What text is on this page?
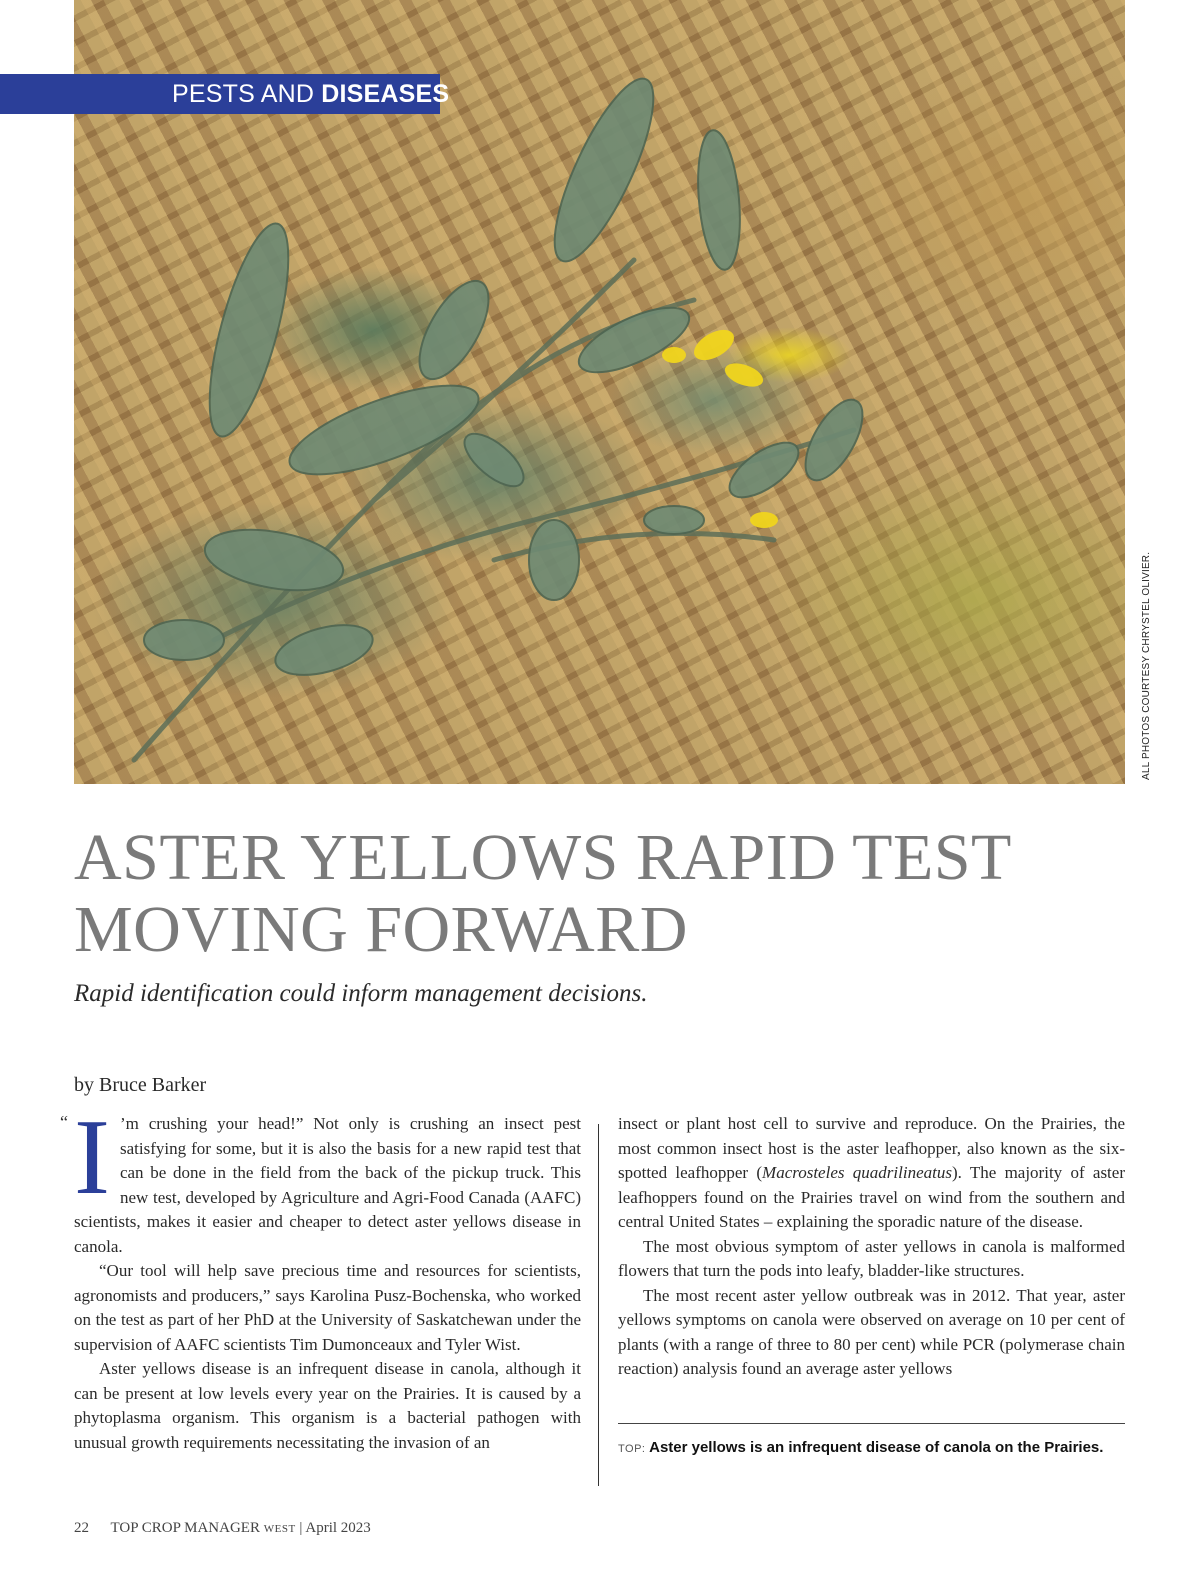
PESTS AND DISEASES
ALL PHOTOS COURTESY CHRYSTEL OLIVIER.
ASTER YELLOWS RAPID TEST MOVING FORWARD

Rapid identification could inform management decisions.

by Bruce Barker
“ I ’m crushing your head!” Not only is crushing an insect pest satisfying for some, but it is also the basis for a new rapid test that can be done in the field from the back of the pickup truck. This new test, developed by Agriculture and Agri-Food Canada (AAFC) scientists, makes it easier and cheaper to detect aster yellows disease in canola.

“Our tool will help save precious time and resources for scientists, agronomists and producers,” says Karolina Pusz-Bochenska, who worked on the test as part of her PhD at the University of Saskatchewan under the supervision of AAFC scientists Tim Dumonceaux and Tyler Wist.

Aster yellows disease is an infrequent disease in canola, although it can be present at low levels every year on the Prairies. It is caused by a phytoplasma organism. This organism is a bacterial pathogen with unusual growth requirements necessitating the invasion of an

insect or plant host cell to survive and reproduce. On the Prairies, the most common insect host is the aster leafhopper, also known as the six-spotted leafhopper (Macrosteles quadrilineatus). The majority of aster leafhoppers found on the Prairies travel on wind from the southern and central United States – explaining the sporadic nature of the disease.

The most obvious symptom of aster yellows in canola is malformed flowers that turn the pods into leafy, bladder-like structures.

The most recent aster yellow outbreak was in 2012. That year, aster yellows symptoms on canola were observed on average on 10 per cent of plants (with a range of three to 80 per cent) while PCR (polymerase chain reaction) analysis found an average aster yellows

TOP: Aster yellows is an infrequent disease of canola on the Prairies.
22 TOP CROP MANAGER WEST | April 2023
